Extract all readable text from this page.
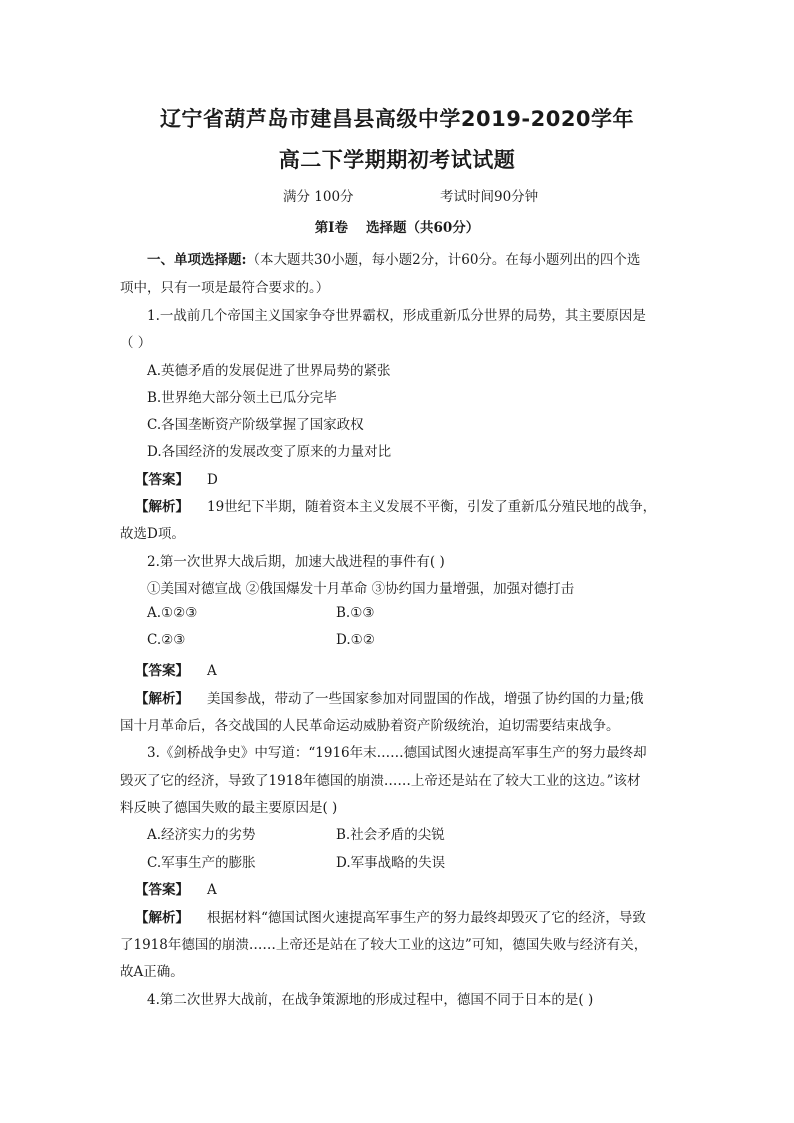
辽宁省葫芦岛市建昌县高级中学2019-2020学年
高二下学期期初考试试题
满分 100分	考试时间90分钟
第Ⅰ卷 选择题（共60分）
一、单项选择题:（本大题共30小题，每小题2分，计60分。在每小题列出的四个选
项中，只有一项是最符合要求的。）
1.一战前几个帝国主义国家争夺世界霸权，形成重新瓜分世界的局势，其主要原因是
（ ）
A.英德矛盾的发展促进了世界局势的紧张
B.世界绝大部分领土已瓜分完毕
C.各国垄断资产阶级掌握了国家政权
D.各国经济的发展改变了原来的力量对比
【答案】 D
【解析】 19世纪下半期，随着资本主义发展不平衡，引发了重新瓜分殖民地的战争，
故选D项。
2.第一次世界大战后期，加速大战进程的事件有( )
①美国对德宣战 ②俄国爆发十月革命 ③协约国力量增强，加强对德打击
A.①②③	B.①③
C.②③	D.①②
【答案】 A
【解析】 美国参战，带动了一些国家参加对同盟国的作战，增强了协约国的力量;俄
国十月革命后，各交战国的人民革命运动威胁着资产阶级统治，迫切需要结束战争。
3.《剑桥战争史》中写道：“1916年末……德国试图火速提高军事生产的努力最终却
毁灭了它的经济，导致了1918年德国的崩溃……上帝还是站在了较大工业的这边。”该材
料反映了德国失败的最主要原因是( )
A.经济实力的劣势	B.社会矛盾的尖锐
C.军事生产的膨胀	D.军事战略的失误
【答案】 A
【解析】 根据材料“德国试图火速提高军事生产的努力最终却毁灭了它的经济，导致
了1918年德国的崩溃……上帝还是站在了较大工业的这边”可知，德国失败与经济有关，
故A正确。
4.第二次世界大战前，在战争策源地的形成过程中，德国不同于日本的是( )
